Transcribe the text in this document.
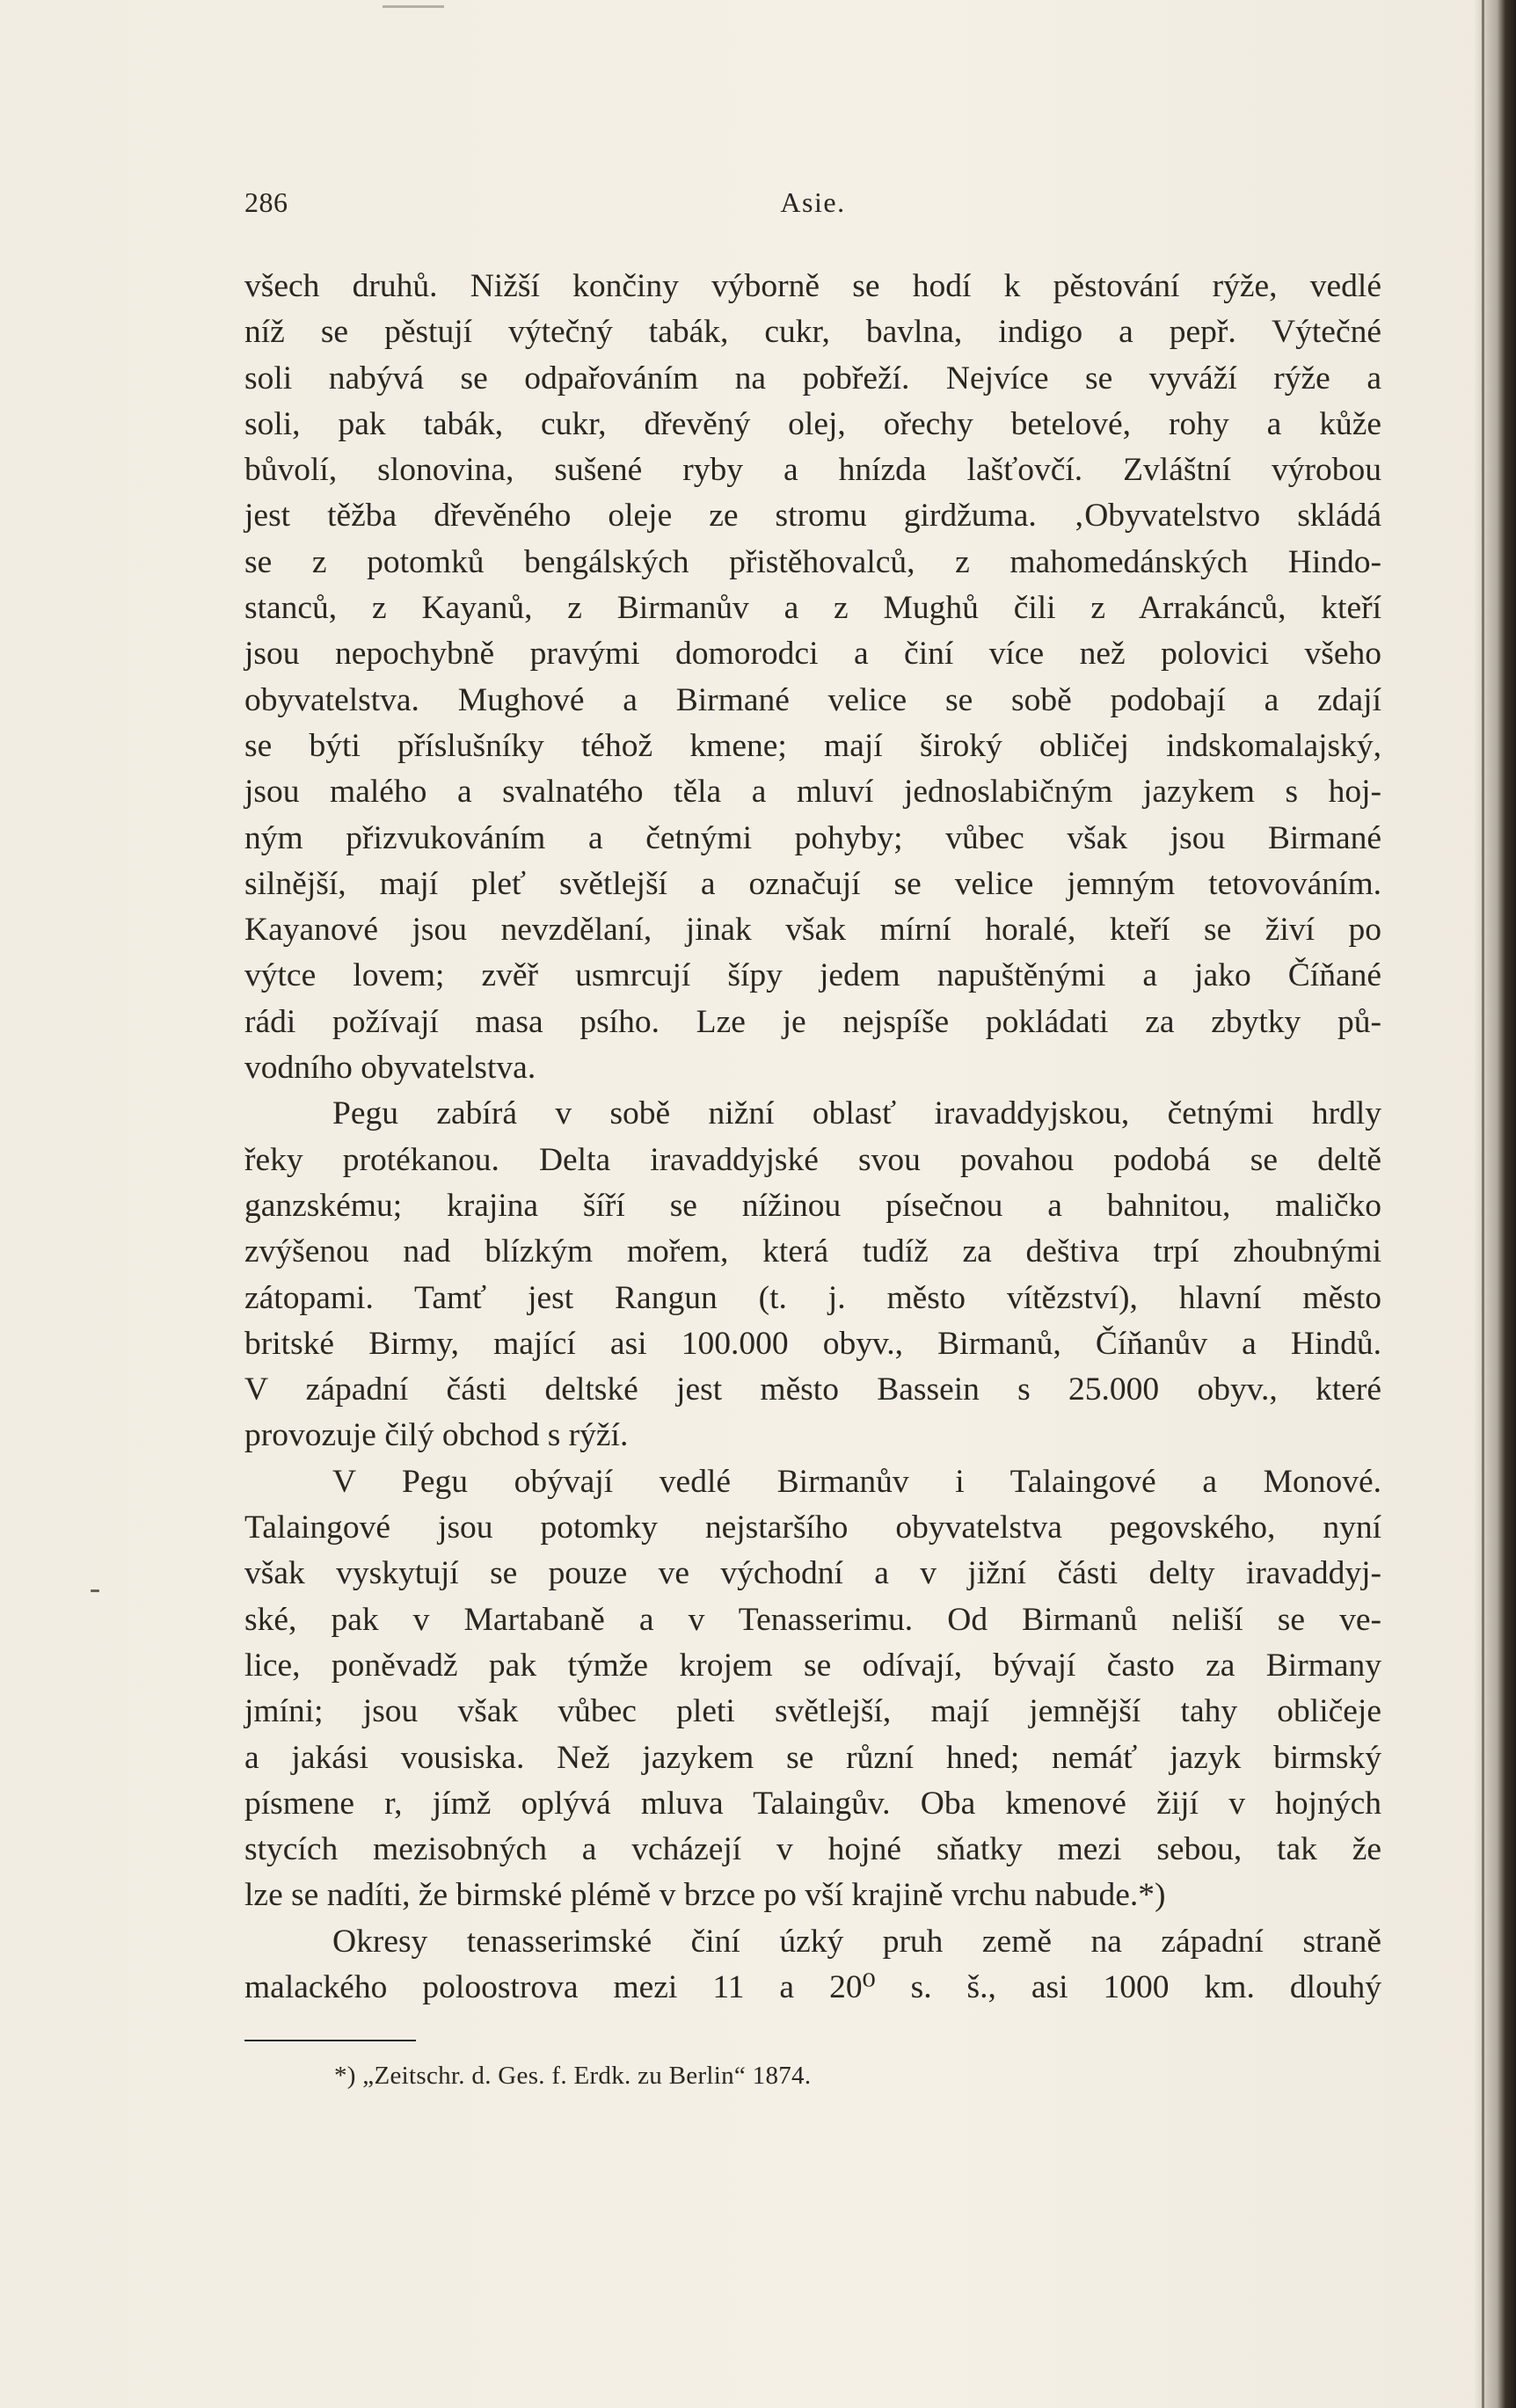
286	Asie.

všech druhů. Nižší končiny výborně se hodí k pěstování rýže, vedlé

níž se pěstují výtečný tabák, cukr, bavlna, indigo a pepř. Výtečné

soli nabývá se odpařováním na pobřeží. Nejvíce se vyváží rýže a

soli, pak tabák, cukr, dřevěný olej, ořechy betelové, rohy a kůže

bůvolí, slonovina, sušené ryby a hnízda lašťovčí. Zvláštní výrobou

jest těžba dřevěného oleje ze stromu girdžuma. ‚Obyvatelstvo skládá

se z potomků bengálských přistěhovalců, z mahomedánských Hindo-

stanců, z Kayanů, z Birmanův a z Mughů čili z Arrakánců, kteří

jsou nepochybně pravými domorodci a činí více než polovici všeho

obyvatelstva. Mughové a Birmané velice se sobě podobají a zdají

se býti příslušníky téhož kmene; mají široký obličej indskomalajský,

jsou malého a svalnatého těla a mluví jednoslabičným jazykem s hoj-

ným přizvukováním a četnými pohyby; vůbec však jsou Birmané

silnější, mají pleť světlejší a označují se velice jemným tetovováním.

Kayanové jsou nevzdělaní, jinak však mírní horalé, kteří se živí po

výtce lovem; zvěř usmrcují šípy jedem napuštěnými a jako Číňané

rádi požívají masa psího. Lze je nejspíše pokládati za zbytky pů-

vodního obyvatelstva.

Pegu zabírá v sobě nižní oblasť iravaddyjskou, četnými hrdly

řeky protékanou. Delta iravaddyjské svou povahou podobá se deltě

ganzskému; krajina šíří se nížinou písečnou a bahnitou, maličko

zvýšenou nad blízkým mořem, která tudíž za deštiva trpí zhoubnými

zátopami. Tamť jest Rangun (t. j. město vítězství), hlavní město

britské Birmy, mající asi 100.000 obyv., Birmanů, Číňanův a Hindů.

V západní části deltské jest město Bassein s 25.000 obyv., které

provozuje čilý obchod s rýží.

V Pegu obývají vedlé Birmanův i Talaingové a Monové.

Talaingové jsou potomky nejstaršího obyvatelstva pegovského, nyní

však vyskytují se pouze ve východní a v jižní části delty iravaddyj-

ské, pak v Martabaně a v Tenasserimu. Od Birmanů neliší se ve-

lice, poněvadž pak týmže krojem se odívají, bývají často za Birmany

jmíni; jsou však vůbec pleti světlejší, mají jemnější tahy obličeje

a jakási vousiska. Než jazykem se různí hned; nemáť jazyk birmský

písmene r, jímž oplývá mluva Talaingův. Oba kmenové žijí v hojných

stycích mezisobných a vcházejí v hojné sňatky mezi sebou, tak že

lze se nadíti, že birmské plémě v brzce po vší krajině vrchu nabude.*)

Okresy tenasserimské činí úzký pruh země na západní straně

malackého poloostrova mezi 11 a 20⁰ s. š., asi 1000 km. dlouhý

*) „Zeitschr. d. Ges. f. Erdk. zu Berlin“ 1874.
